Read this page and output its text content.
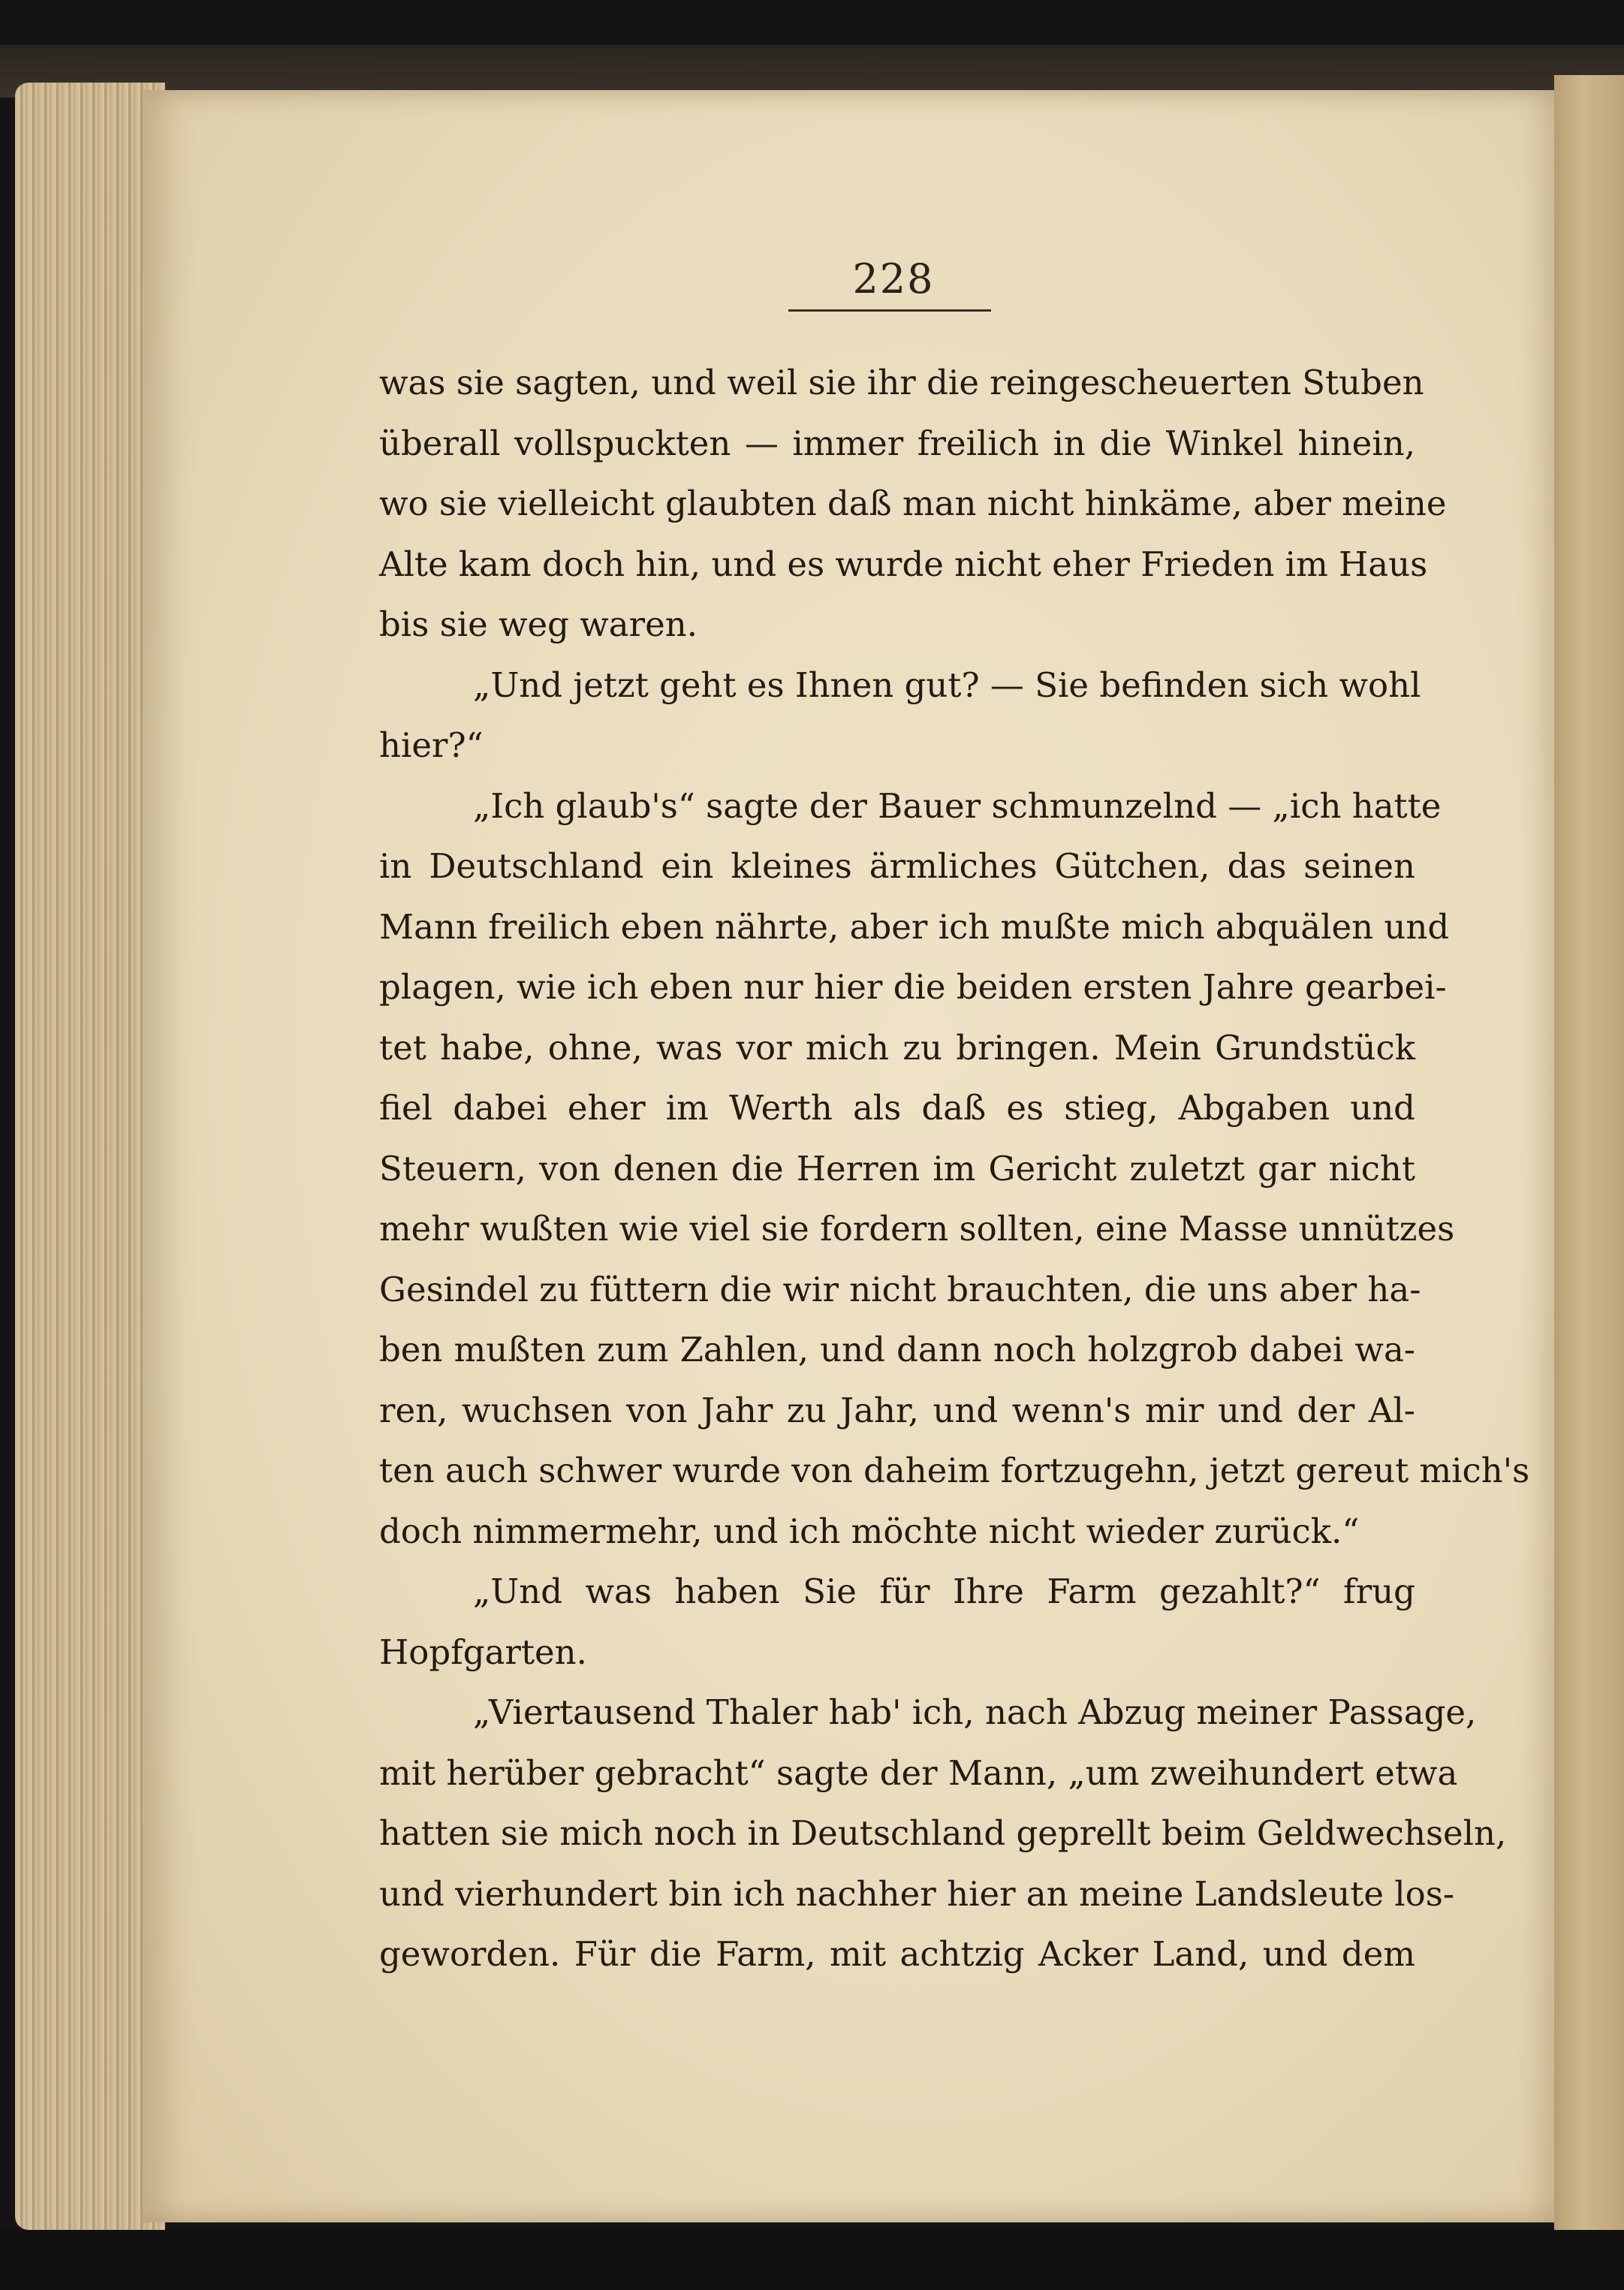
228
was sie sagten, und weil sie ihr die reingescheuerten Stuben
überall vollspuckten — immer freilich in die Winkel hinein,
wo sie vielleicht glaubten daß man nicht hinkäme, aber meine
Alte kam doch hin, und es wurde nicht eher Frieden im Haus
bis sie weg waren.
„Und jetzt geht es Ihnen gut? — Sie befinden sich wohl
hier?“
„Ich glaub's“ sagte der Bauer schmunzelnd — „ich hatte
in Deutschland ein kleines ärmliches Gütchen, das seinen
Mann freilich eben nährte, aber ich mußte mich abquälen und
plagen, wie ich eben nur hier die beiden ersten Jahre gearbei-
tet habe, ohne, was vor mich zu bringen. Mein Grundstück
fiel dabei eher im Werth als daß es stieg, Abgaben und
Steuern, von denen die Herren im Gericht zuletzt gar nicht
mehr wußten wie viel sie fordern sollten, eine Masse unnützes
Gesindel zu füttern die wir nicht brauchten, die uns aber ha-
ben mußten zum Zahlen, und dann noch holzgrob dabei wa-
ren, wuchsen von Jahr zu Jahr, und wenn's mir und der Al-
ten auch schwer wurde von daheim fortzugehn, jetzt gereut mich's
doch nimmermehr, und ich möchte nicht wieder zurück.“
„Und was haben Sie für Ihre Farm gezahlt?“ frug
Hopfgarten.
„Viertausend Thaler hab' ich, nach Abzug meiner Passage,
mit herüber gebracht“ sagte der Mann, „um zweihundert etwa
hatten sie mich noch in Deutschland geprellt beim Geldwechseln,
und vierhundert bin ich nachher hier an meine Landsleute los-
geworden. Für die Farm, mit achtzig Acker Land, und dem
